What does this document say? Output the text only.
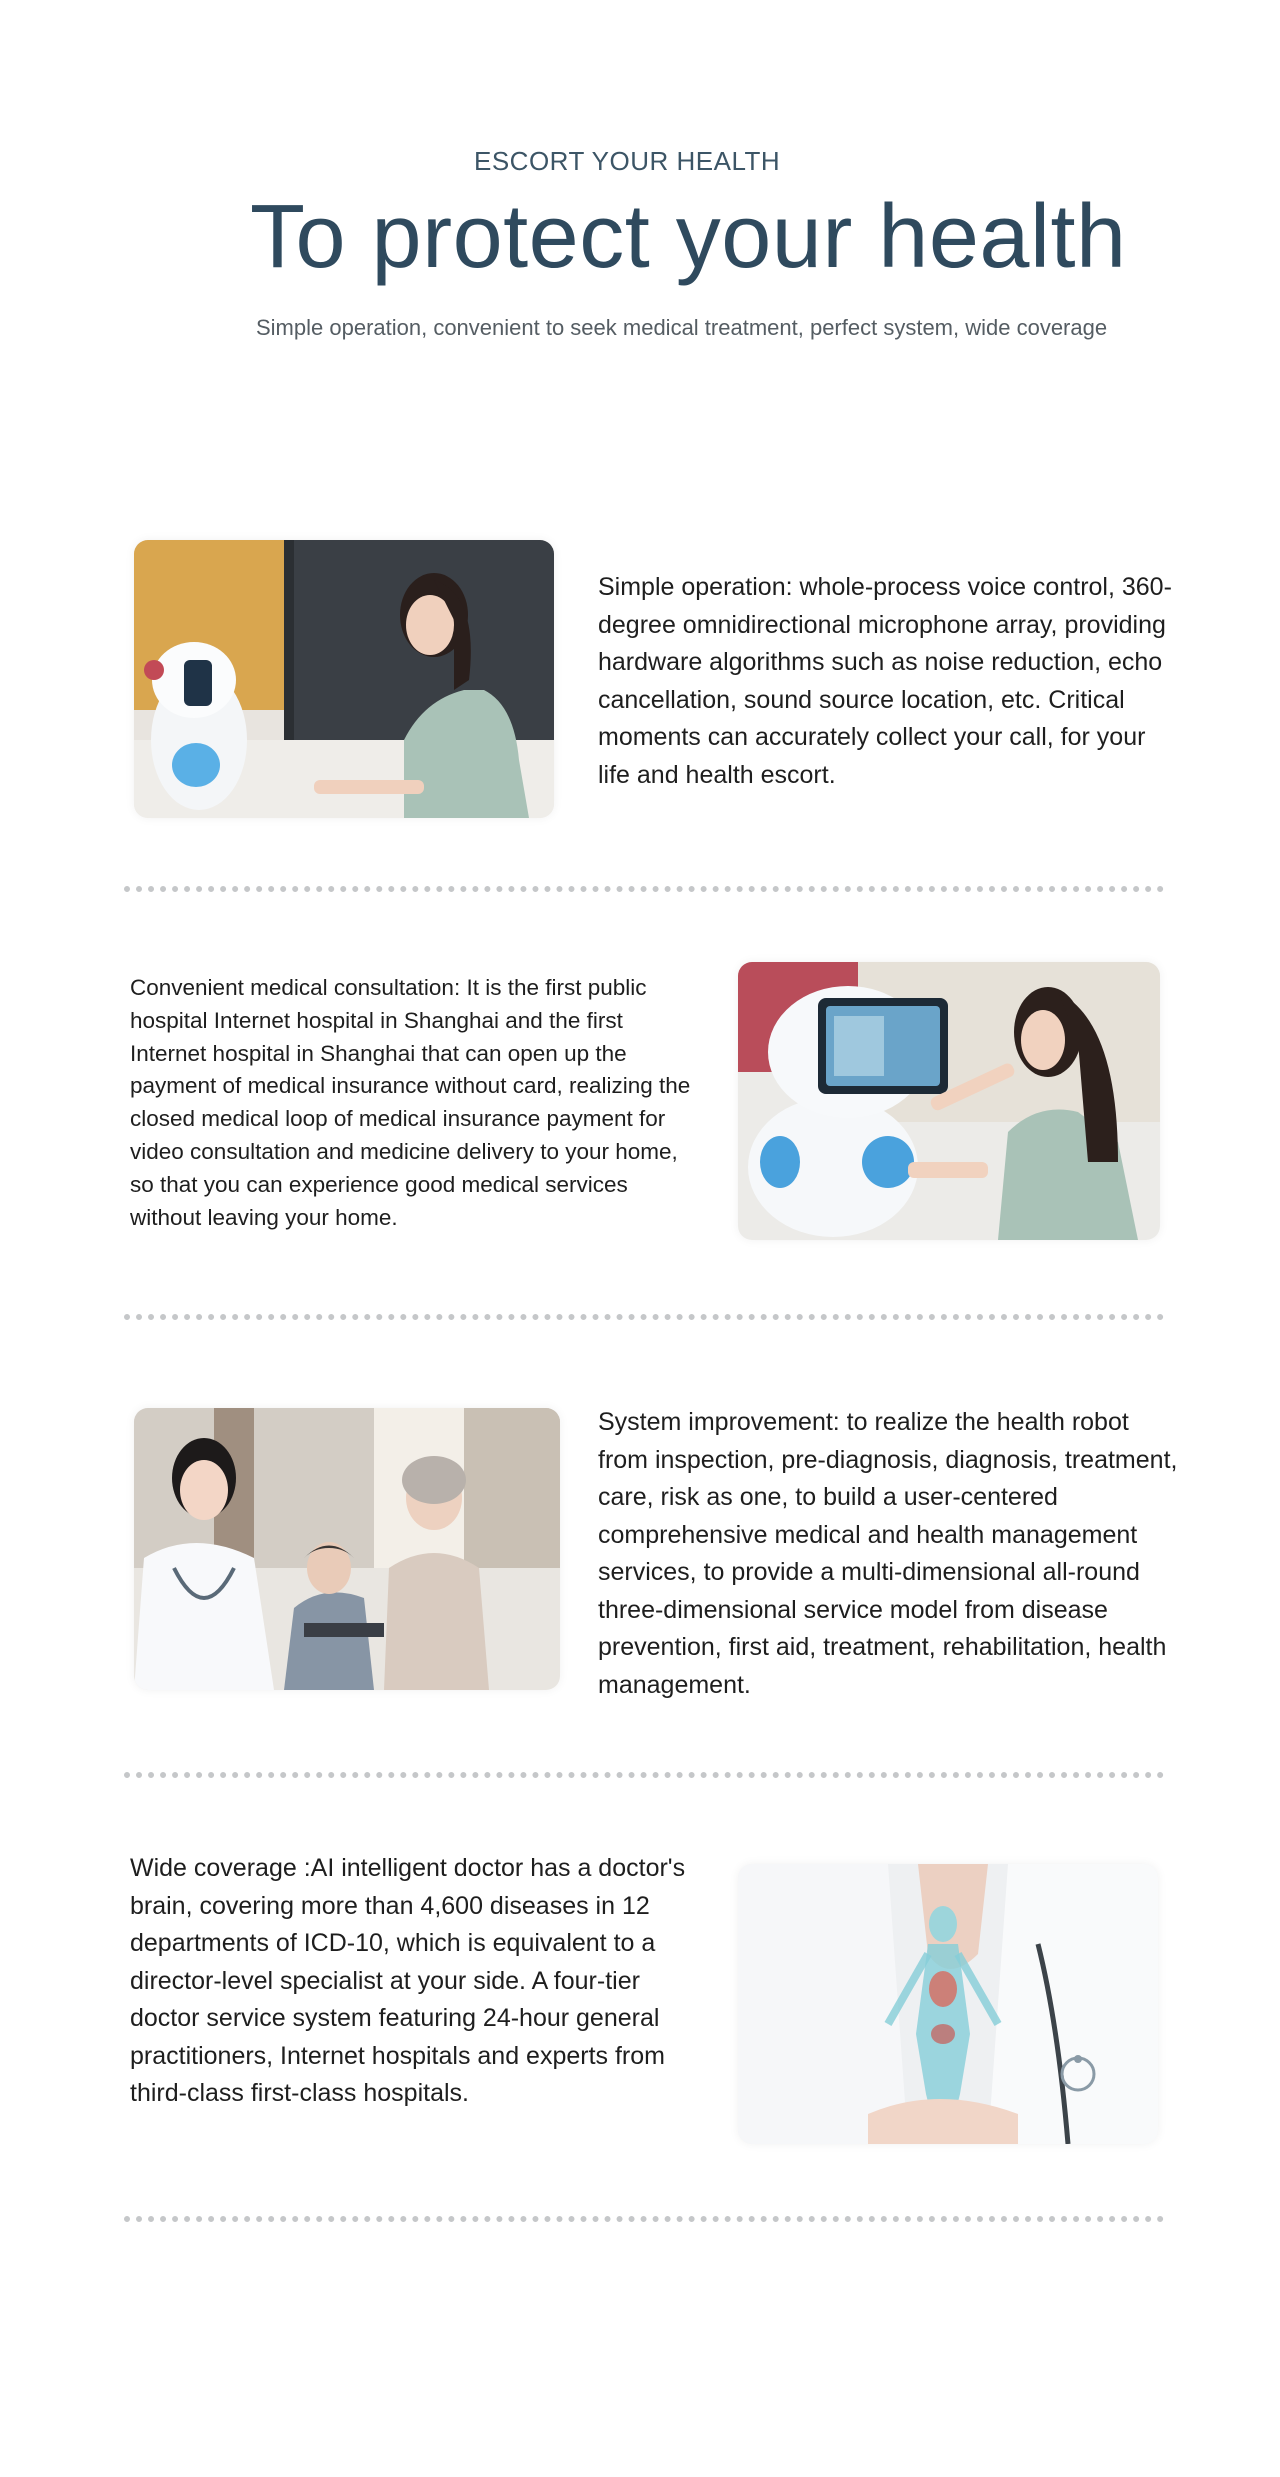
ESCORT YOUR HEALTH
To protect your health
Simple operation, convenient to seek medical treatment, perfect system, wide coverage
Simple operation: whole-process voice control, 360-degree omnidirectional microphone array, providing hardware algorithms such as noise reduction, echo cancellation, sound source location, etc. Critical moments can accurately collect your call, for your life and health escort.
Convenient medical consultation: It is the first public hospital Internet hospital in Shanghai and the first Internet hospital in Shanghai that can open up the payment of medical insurance without card, realizing the closed medical loop of medical insurance payment for video consultation and medicine delivery to your home, so that you can experience good medical services without leaving your home.
System improvement: to realize the health robot from inspection, pre-diagnosis, diagnosis, treatment, care, risk as one, to build a user-centered comprehensive medical and health management services, to provide a multi-dimensional all-round three-dimensional service model from disease prevention, first aid, treatment, rehabilitation, health management.
Wide coverage :AI intelligent doctor has a doctor's brain, covering more than 4,600 diseases in 12 departments of ICD-10, which is equivalent to a director-level specialist at your side. A four-tier doctor service system featuring 24-hour general practitioners, Internet hospitals and experts from third-class first-class hospitals.
